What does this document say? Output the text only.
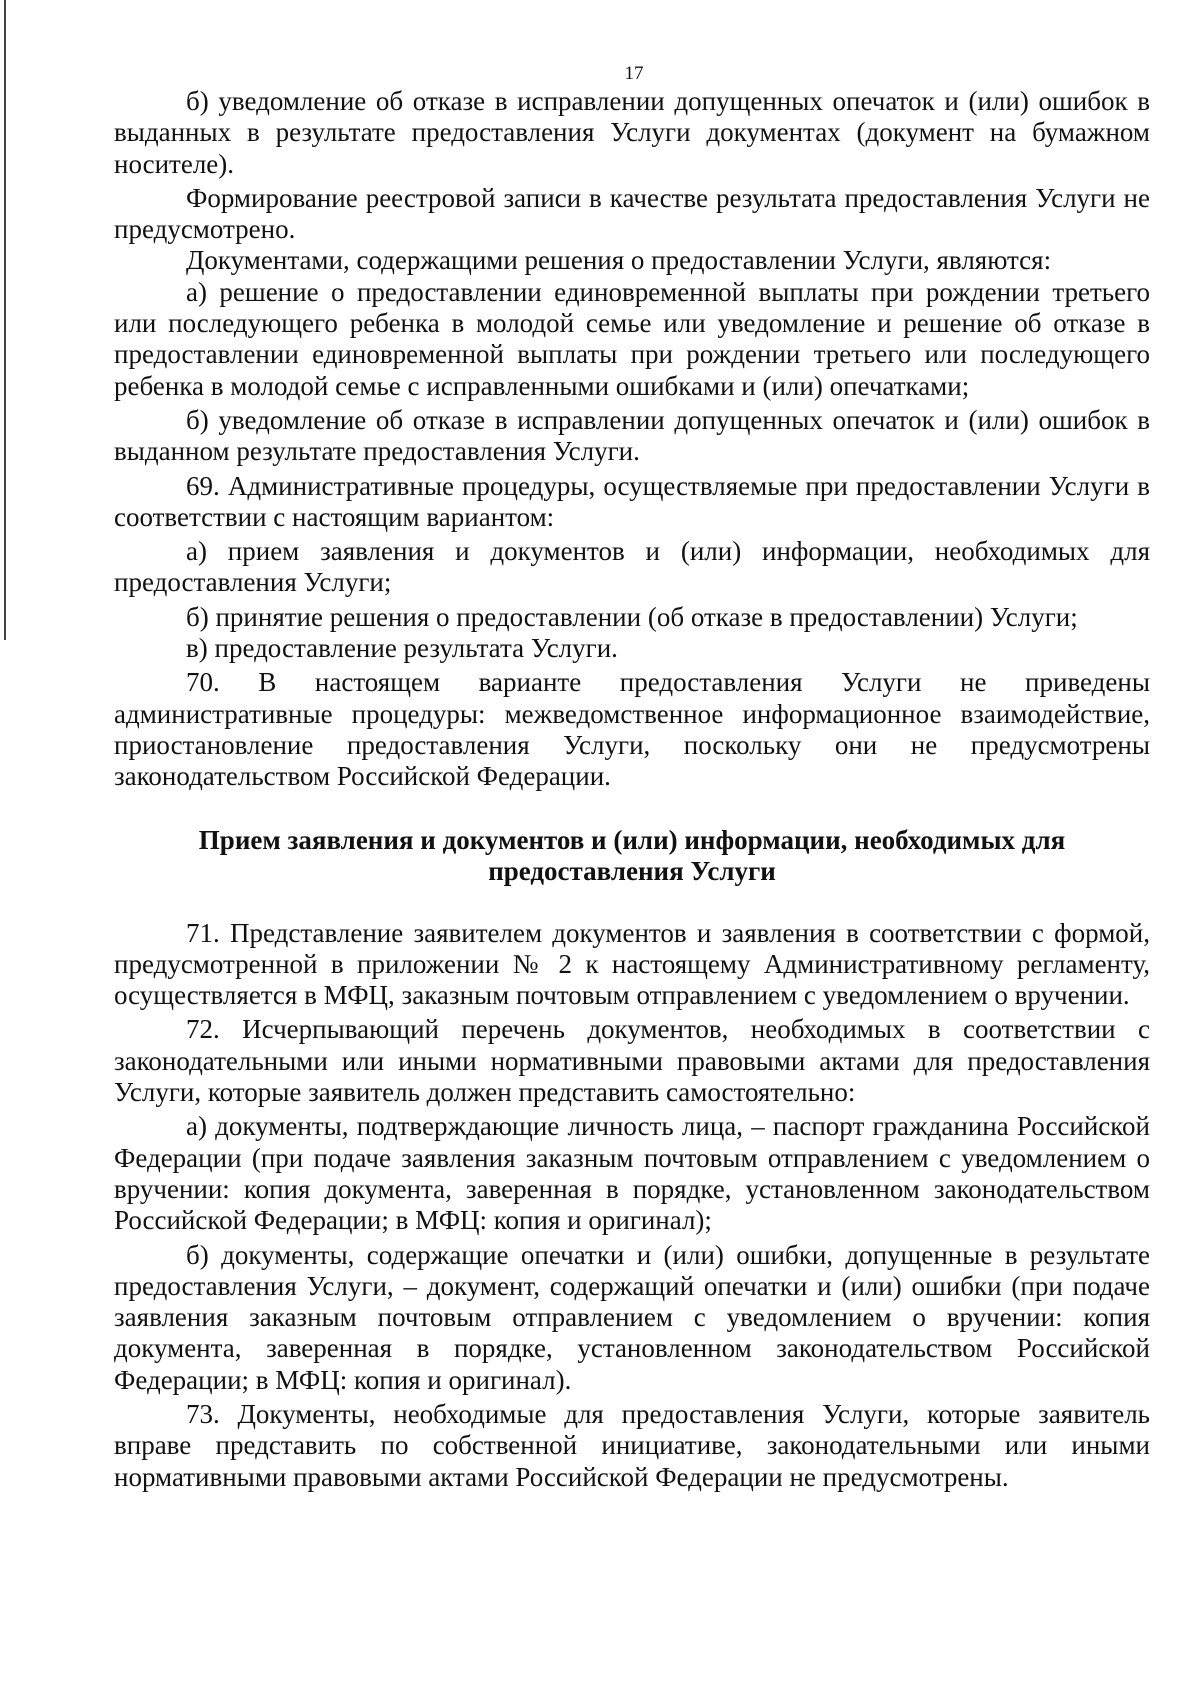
17

б) уведомление об отказе в исправлении допущенных опечаток и (или) ошибок в выданных в результате предоставления Услуги документах (документ на бумажном носителе).

Формирование реестровой записи в качестве результата предоставления Услуги не предусмотрено.

Документами, содержащими решения о предоставлении Услуги, являются:

а) решение о предоставлении единовременной выплаты при рождении третьего или последующего ребенка в молодой семье или уведомление и решение об отказе в предоставлении единовременной выплаты при рождении третьего или последующего ребенка в молодой семье с исправленными ошибками и (или) опечатками;

б) уведомление об отказе в исправлении допущенных опечаток и (или) ошибок в выданном результате предоставления Услуги.

69. Административные процедуры, осуществляемые при предоставлении Услуги в соответствии с настоящим вариантом:

а) прием заявления и документов и (или) информации, необходимых для предоставления Услуги;

б) принятие решения о предоставлении (об отказе в предоставлении) Услуги;

в) предоставление результата Услуги.

70. В настоящем варианте предоставления Услуги не приведены административные процедуры: межведомственное информационное взаимодействие, приостановление предоставления Услуги, поскольку они не предусмотрены законодательством Российской Федерации.

Прием заявления и документов и (или) информации, необходимых для
предоставления Услуги

71. Представление заявителем документов и заявления в соответствии с формой, предусмотренной в приложении № 2 к настоящему Административному регламенту, осуществляется в МФЦ, заказным почтовым отправлением с уведомлением о вручении.

72. Исчерпывающий перечень документов, необходимых в соответствии с законодательными или иными нормативными правовыми актами для предоставления Услуги, которые заявитель должен представить самостоятельно:

а) документы, подтверждающие личность лица, – паспорт гражданина Российской Федерации (при подаче заявления заказным почтовым отправлением с уведомлением о вручении: копия документа, заверенная в порядке, установленном законодательством Российской Федерации; в МФЦ: копия и оригинал);

б) документы, содержащие опечатки и (или) ошибки, допущенные в результате предоставления Услуги, – документ, содержащий опечатки и (или) ошибки (при подаче заявления заказным почтовым отправлением с уведомлением о вручении: копия документа, заверенная в порядке, установленном законодательством Российской Федерации; в МФЦ: копия и оригинал).

73. Документы, необходимые для предоставления Услуги, которые заявитель вправе представить по собственной инициативе, законодательными или иными нормативными правовыми актами Российской Федерации не предусмотрены.
